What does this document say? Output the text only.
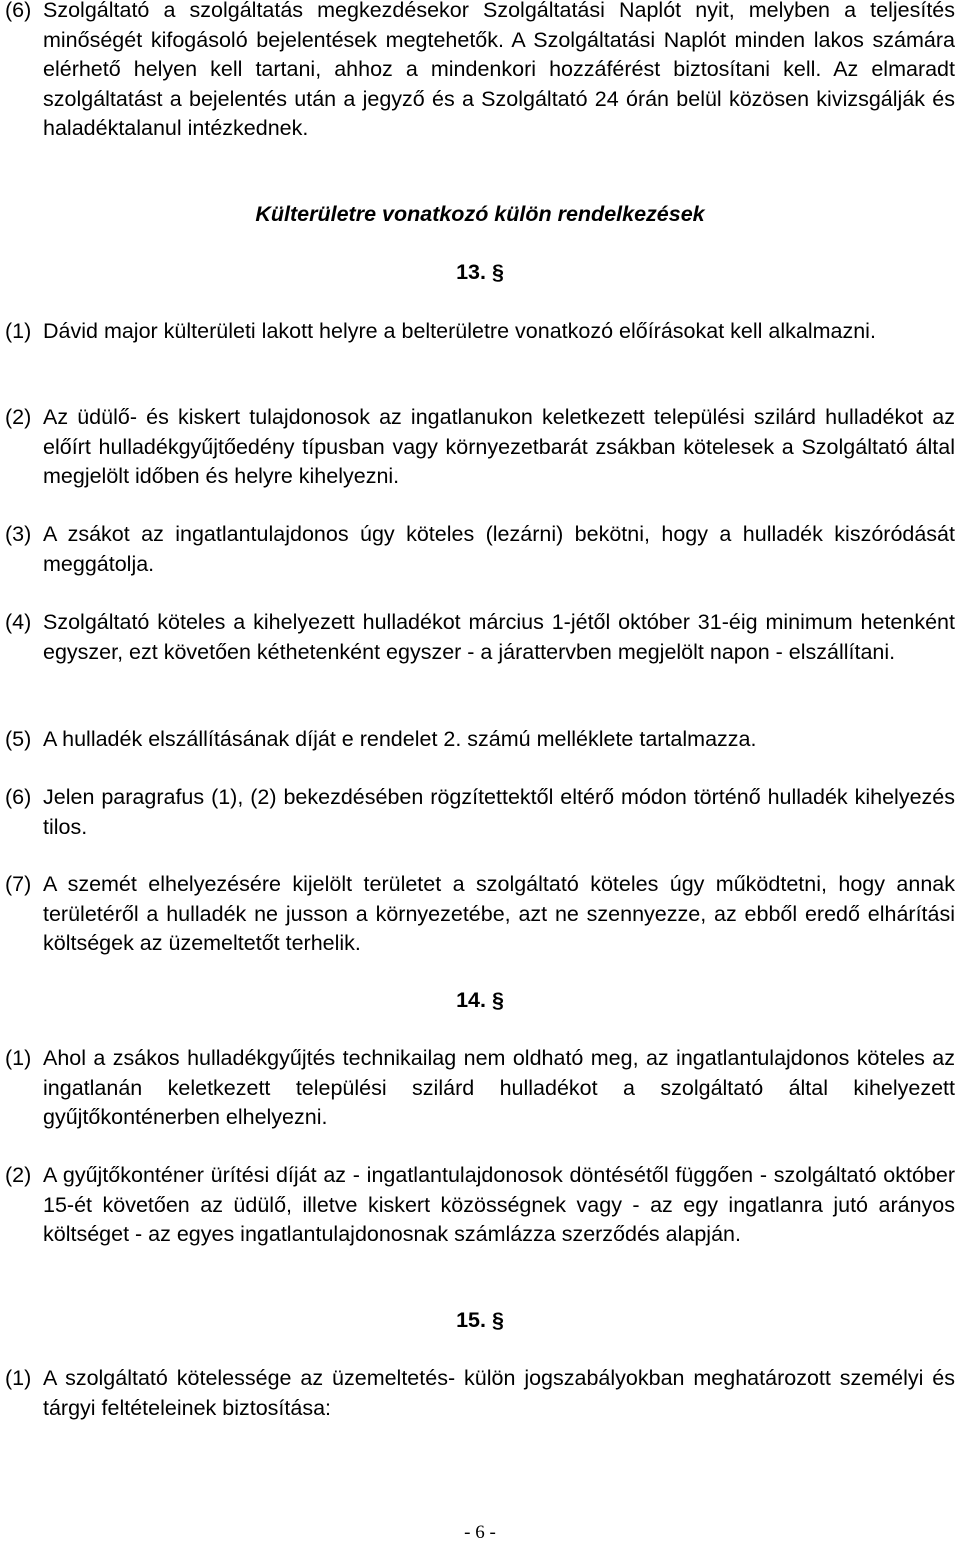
(6) Szolgáltató a szolgáltatás megkezdésekor Szolgáltatási Naplót nyit, melyben a teljesítés minőségét kifogásoló bejelentések megtehetők. A Szolgáltatási Naplót minden lakos számára elérhető helyen kell tartani, ahhoz a mindenkori hozzáférést biztosítani kell. Az elmaradt szolgáltatást a bejelentés után a jegyző és a Szolgáltató 24 órán belül közösen kivizsgálják és haladéktalanul intézkednek.
Külterületre vonatkozó külön rendelkezések
13. §
(1) Dávid major külterületi lakott helyre a belterületre vonatkozó előírásokat kell alkalmazni.
(2) Az üdülő- és kiskert tulajdonosok az ingatlanukon keletkezett települési szilárd hulladékot az előírt hulladékgyűjtőedény típusban vagy környezetbarát zsákban kötelesek a Szolgáltató által megjelölt időben és helyre kihelyezni.
(3) A zsákot az ingatlantulajdonos úgy köteles (lezárni) bekötni, hogy a hulladék kiszóródását meggátolja.
(4) Szolgáltató köteles a kihelyezett hulladékot március 1-jétől október 31-éig minimum hetenként egyszer, ezt követően kéthetenként egyszer - a járattervben megjelölt napon - elszállítani.
(5) A hulladék elszállításának díját e rendelet 2. számú melléklete tartalmazza.
(6) Jelen paragrafus (1), (2) bekezdésében rögzítettektől eltérő módon történő hulladék kihelyezés tilos.
(7) A szemét elhelyezésére kijelölt területet a szolgáltató köteles úgy működtetni, hogy annak területéről a hulladék ne jusson a környezetébe, azt ne szennyezze, az ebből eredő elhárítási költségek az üzemeltetőt terhelik.
14. §
(1) Ahol a zsákos hulladékgyűjtés technikailag nem oldható meg, az ingatlantulajdonos köteles az ingatlanán keletkezett települési szilárd hulladékot a szolgáltató által kihelyezett gyűjtőkonténerben elhelyezni.
(2) A gyűjtőkonténer ürítési díját az - ingatlantulajdonosok döntésétől függően - szolgáltató október 15-ét követően az üdülő, illetve kiskert közösségnek vagy - az egy ingatlanra jutó arányos költséget - az egyes ingatlantulajdonosnak számlázza szerződés alapján.
15. §
(1) A szolgáltató kötelessége az üzemeltetés- külön jogszabályokban meghatározott személyi és tárgyi feltételeinek biztosítása:
- 6 -
